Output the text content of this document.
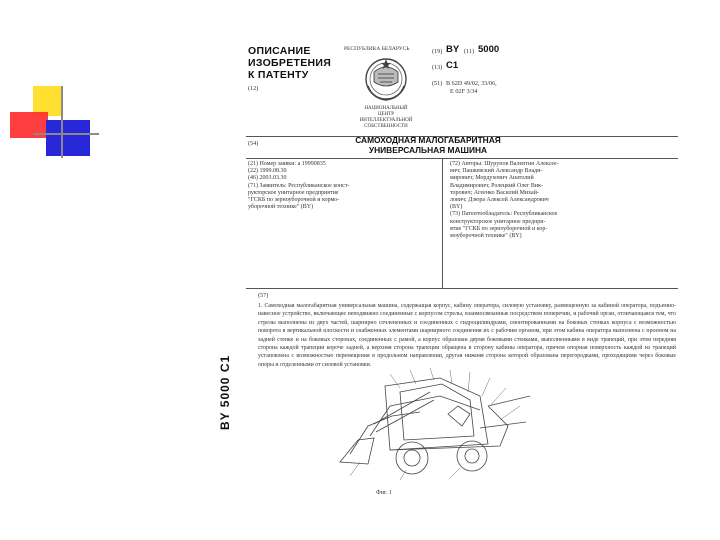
ОПИСАНИЕ
ИЗОБРЕТЕНИЯ
К ПАТЕНТУ
(12)
РЕСПУБЛИКА БЕЛАРУСЬ
НАЦИОНАЛЬНЫЙ ЦЕНТР
ИНТЕЛЛЕКТУАЛЬНОЙ
СОБСТВЕННОСТИ
(19) BY (11) 5000
(13) C1
(51) B 62D 49/02, 33/06,
E 02F 3/34
(54)	САМОХОДНАЯ МАЛОГАБАРИТНАЯ
УНИВЕРСАЛЬНАЯ МАШИНА

(21) Номер заявки: a 19990835

(22) 1999.08.30

(46) 2003.03.30

(71) Заявитель: Республиканское конст-

рукторское унитарное предприятие

"ГСКБ по зерноуборочной и кормо-

уборочной технике" (BY)

(72) Авторы: Шурупов Валентин Алексее-

вич; Пашкевский Александр Влади-

мирович; Мордухович Анатолий

Владимирович; Ролецкий Олег Вик-

торович; Агеенко Василий Михай-

лович; Дзюра Алексей Александрович

(BY)

(73) Патентообладатель: Республиканское

конструкторское унитарное предпри-

ятие "ГСКБ по зерноуборочной и кор-

моуборочной технике" (BY)

(57)

1. Самоходная малогабаритная универсальная машина, содержащая корпус, кабину оператора, силовую установку, размещенную за кабиной оператора, подъемно-навесное устройство, включающее неподвижно соединенные с корпусом стрелы, взаимосвязанные посредством поперечин, и рабочий орган, отличающаяся тем, что стрелы выполнены из двух частей, шарнирно сочлененных и соединенных с гидроцилиндрами, смонтированными на боковых стенках корпуса с возможностью поворота в вертикальной плоскости и снабженных элементами шарнирного соединения их с рабочим органом, при этом кабина оператора выполнена с проемом на задней стенке и на боковых сторонах, соединенных с рамой, а корпус образован двумя боковыми стенками, выполненными в виде трапеций, при этом передняя сторона каждой трапеции короче задней, а верхняя сторона трапеции обращена в сторону кабины оператора, причем опорная поверхность каждой из трапеций установлена с возможностью перемещения в продольном направлении, другая нижняя сторона которой образована перегородками, проходящими через боковые опоры и отделенными от силовой установки.

BY 5000 C1
Фиг. 1
